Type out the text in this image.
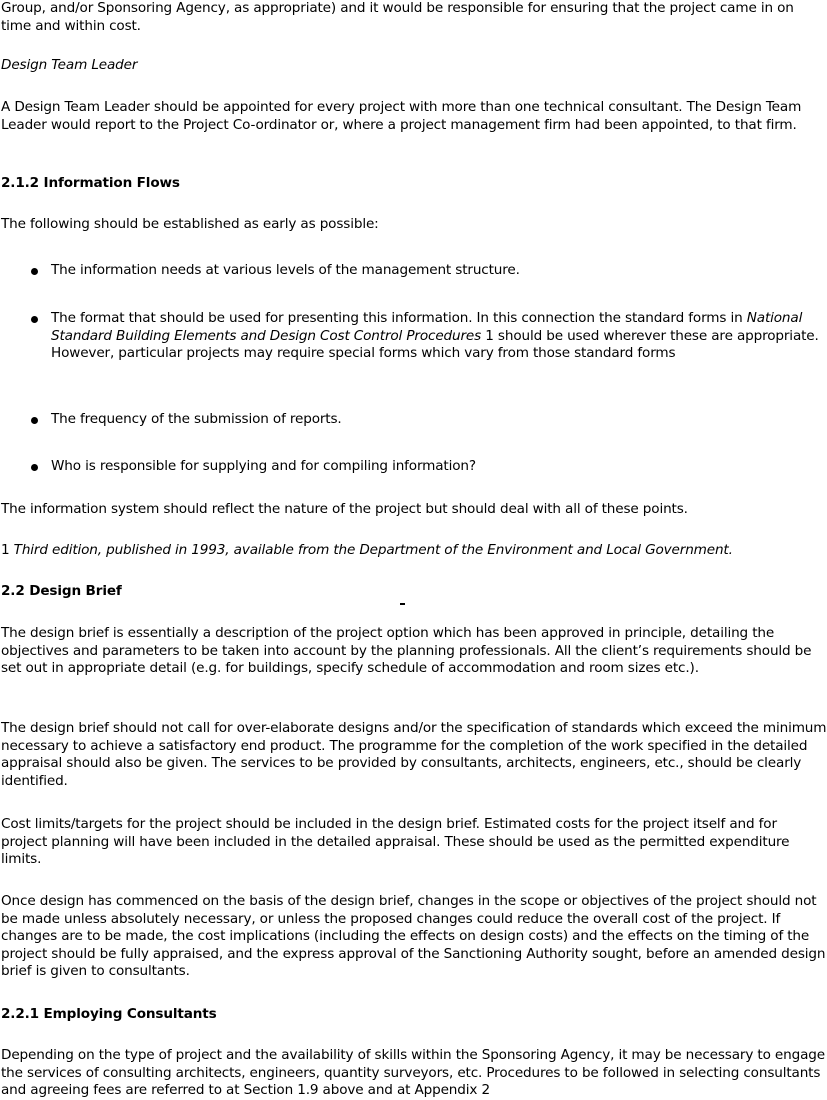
Group, and/or Sponsoring Agency, as appropriate) and it would be responsible for ensuring that the project came in on time and within cost.

Design Team Leader

A Design Team Leader should be appointed for every project with more than one technical consultant. The Design Team Leader would report to the Project Co-ordinator or, where a project management firm had been appointed, to that firm.

2.1.2 Information Flows

The following should be established as early as possible:

The information needs at various levels of the management structure.
The format that should be used for presenting this information. In this connection the standard forms in National Standard Building Elements and Design Cost Control Procedures 1 should be used wherever these are appropriate. However, particular projects may require special forms which vary from those standard forms
The frequency of the submission of reports.
Who is responsible for supplying and for compiling information?

The information system should reflect the nature of the project but should deal with all of these points.

1 Third edition, published in 1993, available from the Department of the Environment and Local Government.

2.2 Design Brief

The design brief is essentially a description of the project option which has been approved in principle, detailing the objectives and parameters to be taken into account by the planning professionals. All the client’s requirements should be set out in appropriate detail (e.g. for buildings, specify schedule of accommodation and room sizes etc.).

The design brief should not call for over-elaborate designs and/or the specification of standards which exceed the minimum necessary to achieve a satisfactory end product. The programme for the completion of the work specified in the detailed appraisal should also be given. The services to be provided by consultants, architects, engineers, etc., should be clearly identified.

Cost limits/targets for the project should be included in the design brief. Estimated costs for the project itself and for project planning will have been included in the detailed appraisal. These should be used as the permitted expenditure limits.

Once design has commenced on the basis of the design brief, changes in the scope or objectives of the project should not be made unless absolutely necessary, or unless the proposed changes could reduce the overall cost of the project. If changes are to be made, the cost implications (including the effects on design costs) and the effects on the timing of the project should be fully appraised, and the express approval of the Sanctioning Authority sought, before an amended design brief is given to consultants.

2.2.1 Employing Consultants

Depending on the type of project and the availability of skills within the Sponsoring Agency, it may be necessary to engage the services of consulting architects, engineers, quantity surveyors, etc. Procedures to be followed in selecting consultants and agreeing fees are referred to at Section 1.9 above and at Appendix 2
